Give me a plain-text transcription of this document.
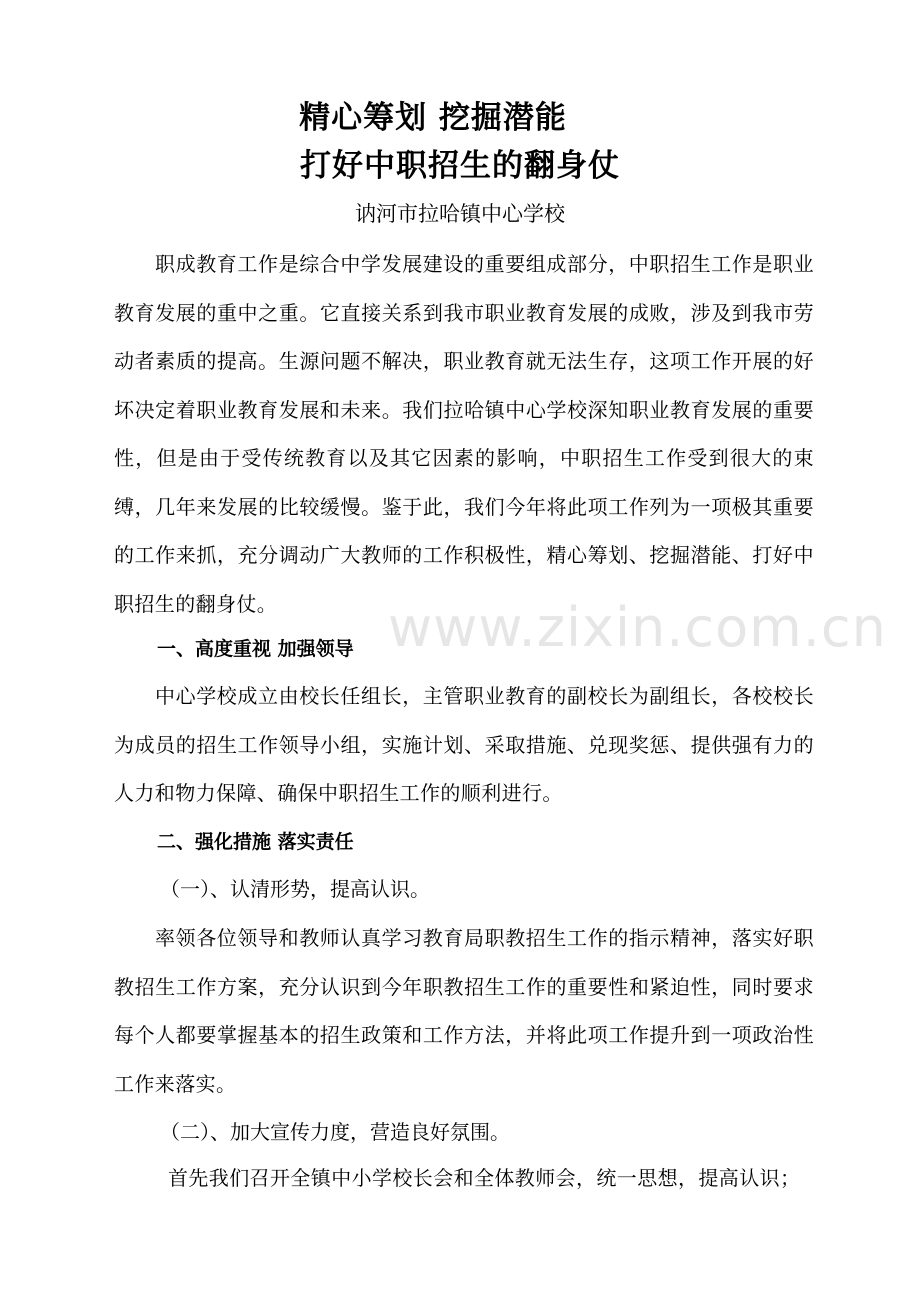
www.zixin.com.cn
精心筹划 挖掘潜能
打好中职招生的翻身仗
讷河市拉哈镇中心学校

职成教育工作是综合中学发展建设的重要组成部分，中职招生工作是职业教育发展的重中之重。它直接关系到我市职业教育发展的成败，涉及到我市劳动者素质的提高。生源问题不解决，职业教育就无法生存，这项工作开展的好坏决定着职业教育发展和未来。我们拉哈镇中心学校深知职业教育发展的重要性，但是由于受传统教育以及其它因素的影响，中职招生工作受到很大的束缚，几年来发展的比较缓慢。鉴于此，我们今年将此项工作列为一项极其重要的工作来抓，充分调动广大教师的工作积极性，精心筹划、挖掘潜能、打好中职招生的翻身仗。

一、高度重视 加强领导

中心学校成立由校长任组长，主管职业教育的副校长为副组长，各校校长为成员的招生工作领导小组，实施计划、采取措施、兑现奖惩、提供强有力的人力和物力保障、确保中职招生工作的顺利进行。

二、强化措施 落实责任
（一）、认清形势，提高认识。

率领各位领导和教师认真学习教育局职教招生工作的指示精神，落实好职教招生工作方案，充分认识到今年职教招生工作的重要性和紧迫性，同时要求每个人都要掌握基本的招生政策和工作方法，并将此项工作提升到一项政治性工作来落实。

（二）、加大宣传力度，营造良好氛围。
首先我们召开全镇中小学校长会和全体教师会，统一思想，提高认识；
